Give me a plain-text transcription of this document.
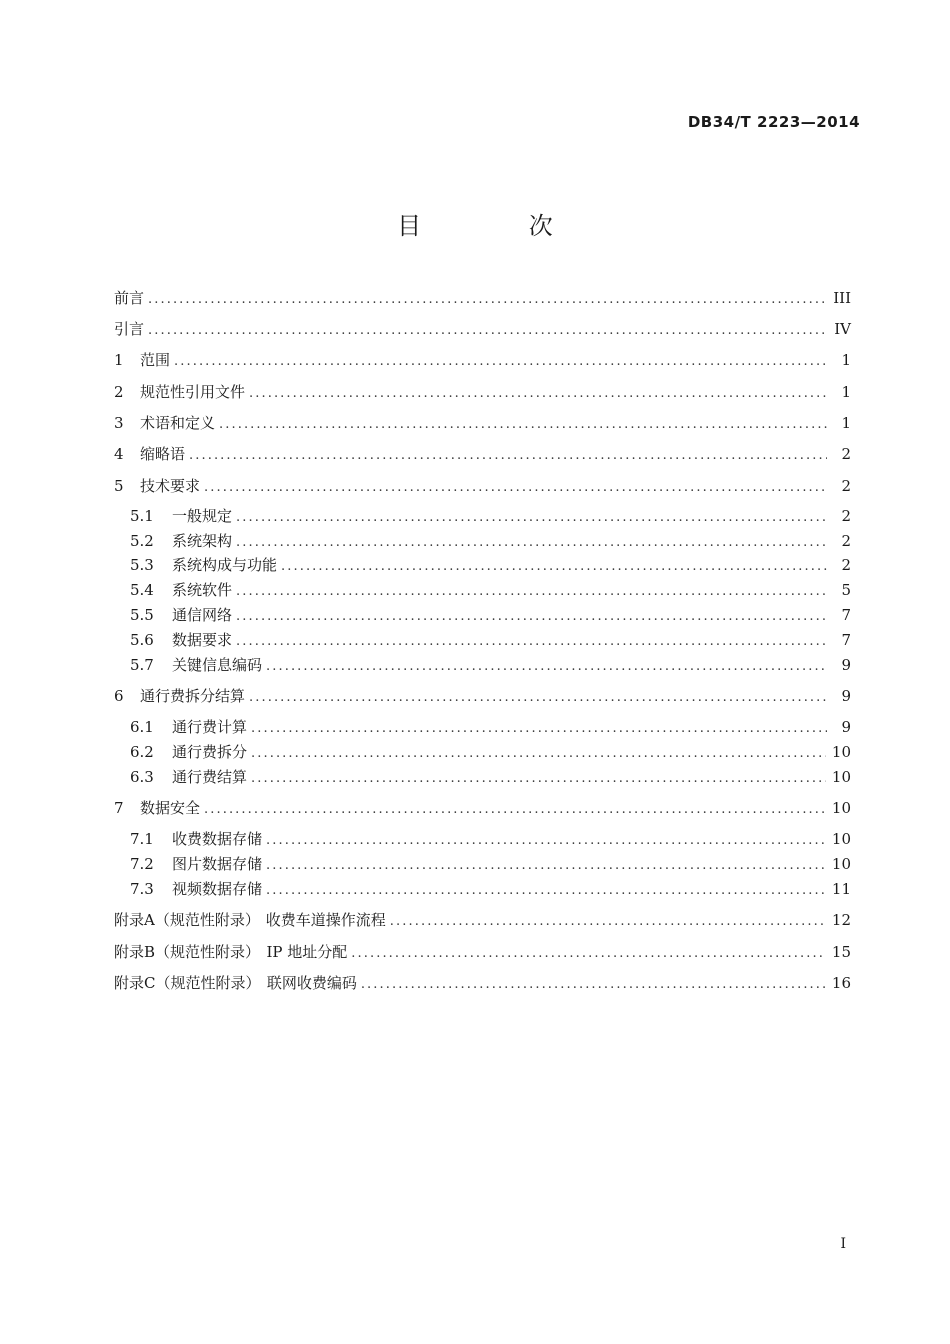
DB34/T 2223—2014
目 次
前言 .....	III
引言 .....	IV
1	范围 .....	1
2	规范性引用文件 .....	1
3	术语和定义 .....	1
4	缩略语 .....	2
5	技术要求 .....	2
5.1	一般规定 .....	2
5.2	系统架构 .....	2
5.3	系统构成与功能 .....	2
5.4	系统软件 .....	5
5.5	通信网络 .....	7
5.6	数据要求 .....	7
5.7	关键信息编码 .....	9
6	通行费拆分结算 .....	9
6.1	通行费计算 .....	9
6.2	通行费拆分 .....	10
6.3	通行费结算 .....	10
7	数据安全 .....	10
7.1	收费数据存储 .....	10
7.2	图片数据存储 .....	10
7.3	视频数据存储 .....	11
附录A（规范性附录） 收费车道操作流程 .....	12
附录B（规范性附录） IP 地址分配 .....	15
附录C（规范性附录） 联网收费编码 .....	16
I
